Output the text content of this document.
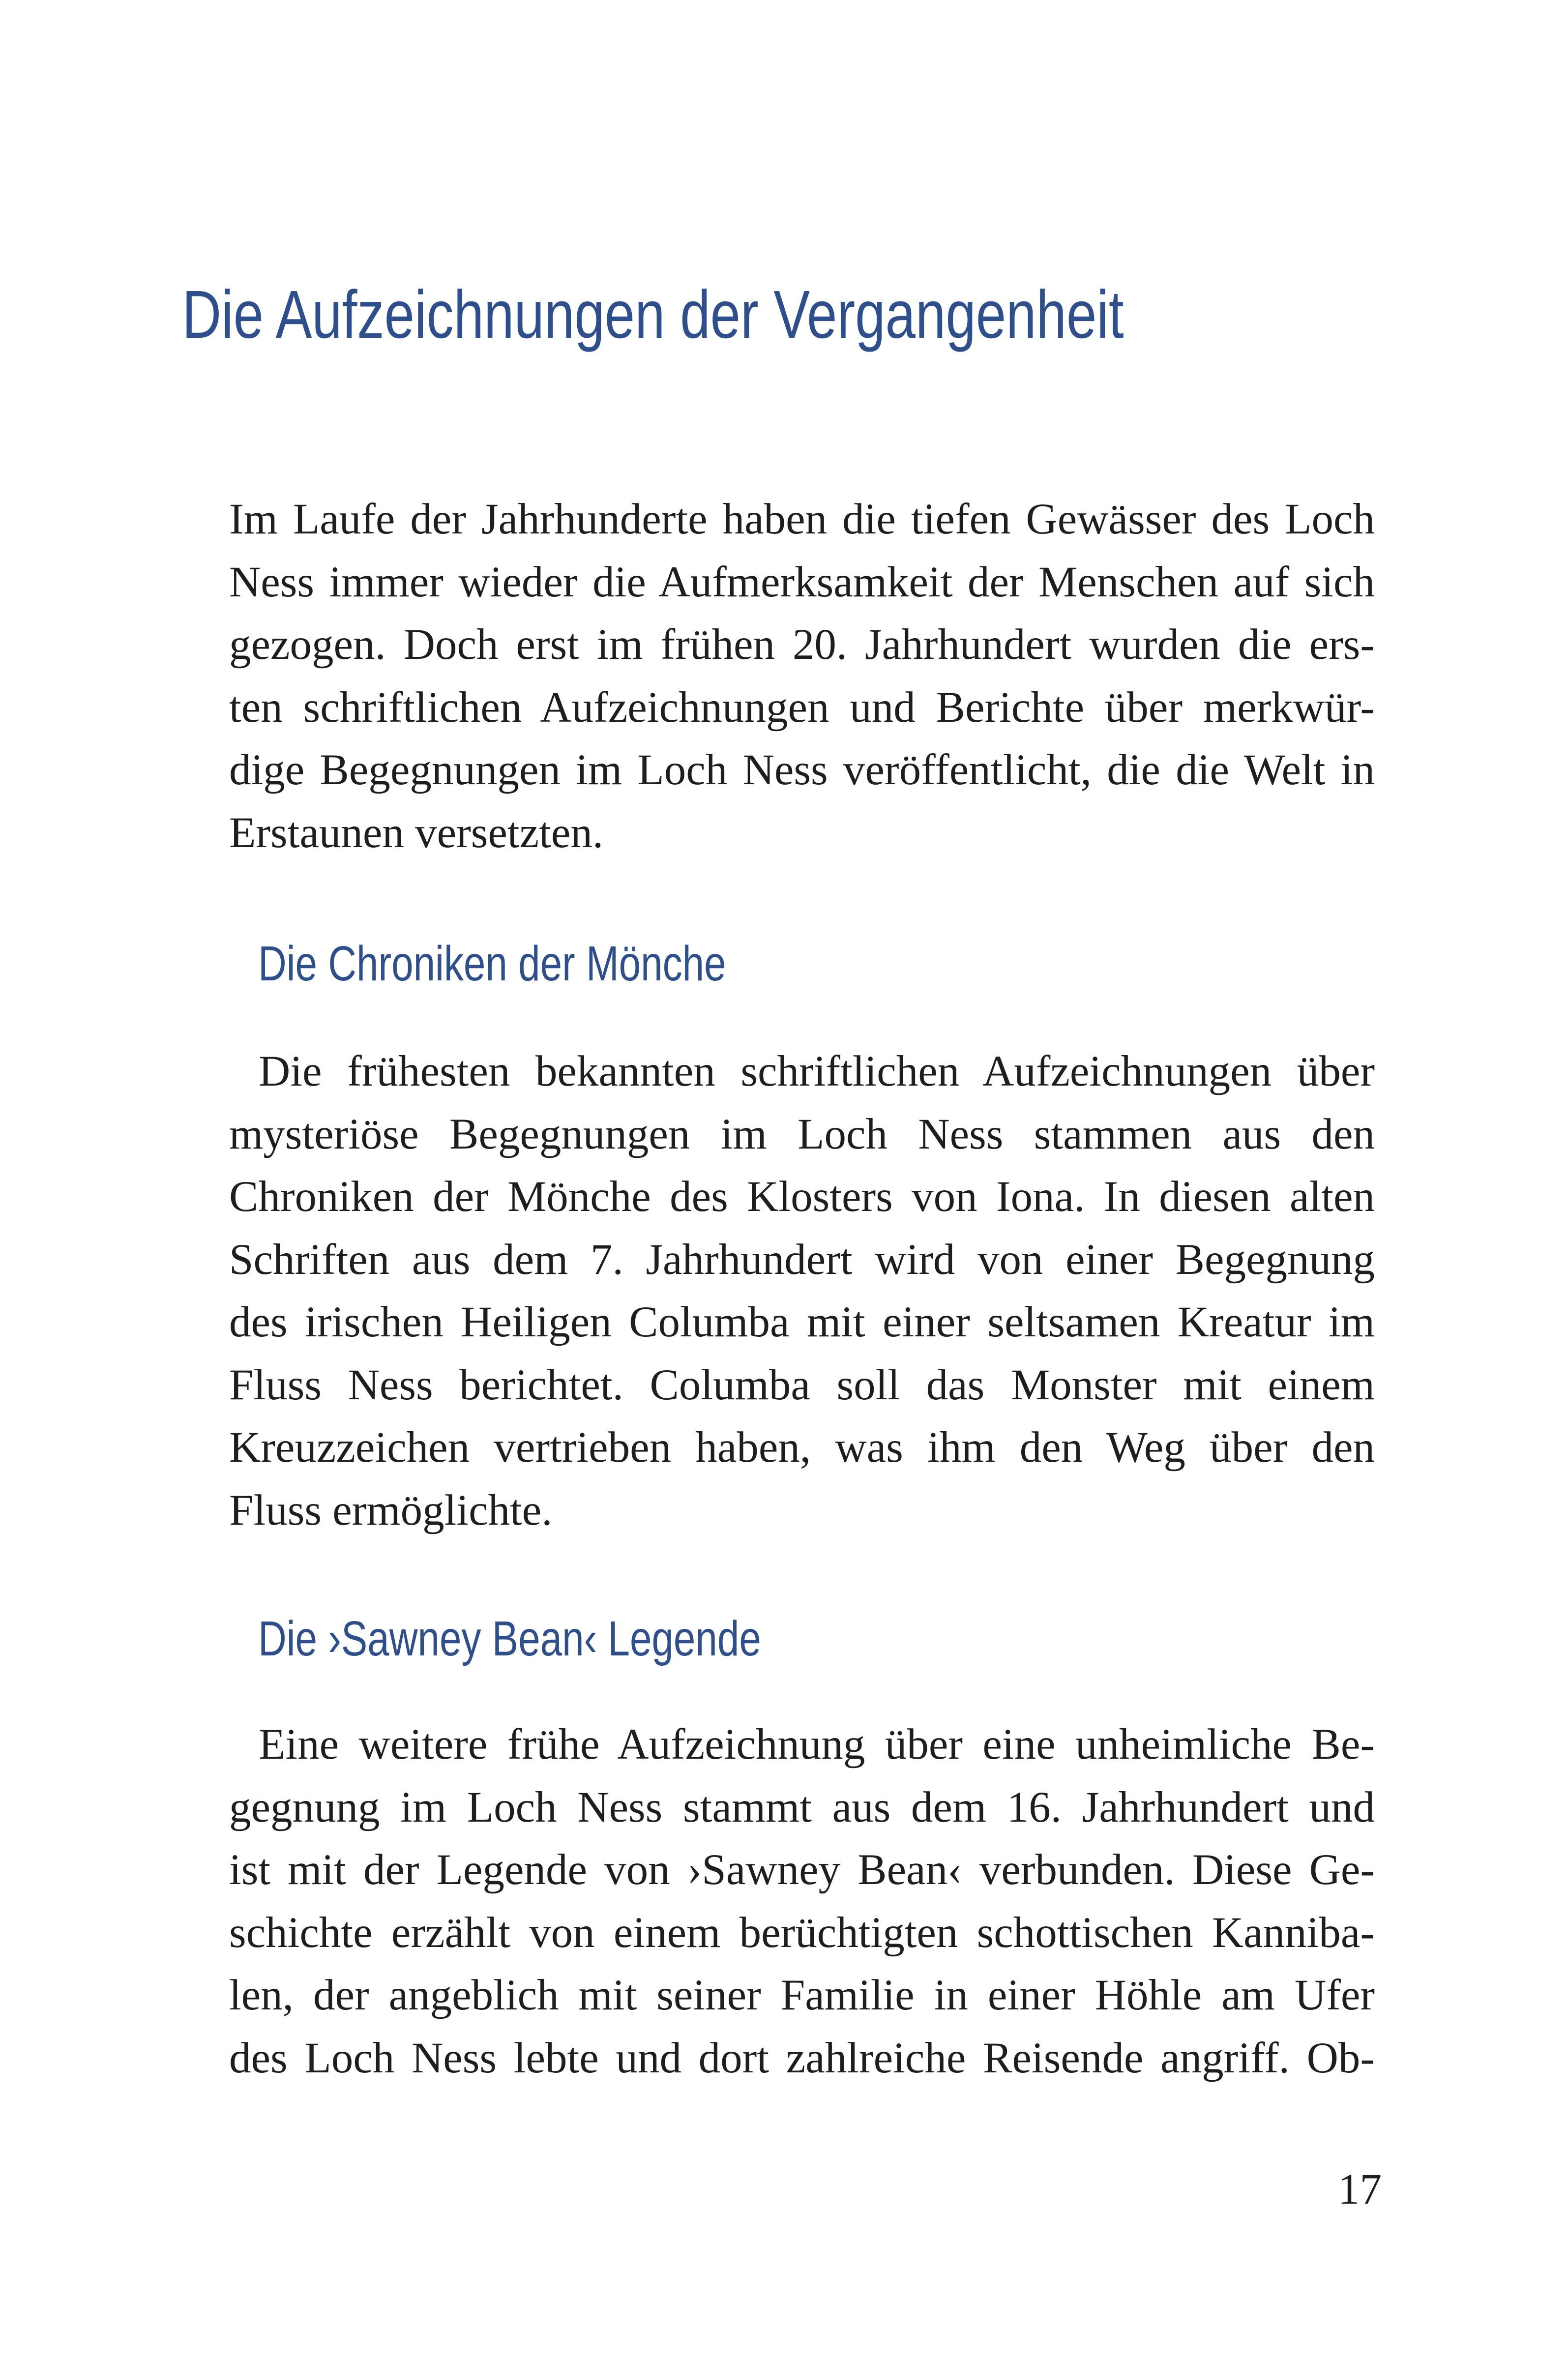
Die Aufzeichnungen der Vergangenheit
Im Laufe der Jahrhunderte haben die tiefen Gewässer des Loch
Ness immer wieder die Aufmerksamkeit der Menschen auf sich
gezogen. Doch erst im frühen 20. Jahrhundert wurden die ers-
ten schriftlichen Aufzeichnungen und Berichte über merkwür-
dige Begegnungen im Loch Ness veröffentlicht, die die Welt in
Erstaunen versetzten.
Die Chroniken der Mönche
Die frühesten bekannten schriftlichen Aufzeichnungen über
mysteriöse Begegnungen im Loch Ness stammen aus den
Chroniken der Mönche des Klosters von Iona. In diesen alten
Schriften aus dem 7. Jahrhundert wird von einer Begegnung
des irischen Heiligen Columba mit einer seltsamen Kreatur im
Fluss Ness berichtet. Columba soll das Monster mit einem
Kreuzzeichen vertrieben haben, was ihm den Weg über den
Fluss ermöglichte.
Die ›Sawney Bean‹ Legende
Eine weitere frühe Aufzeichnung über eine unheimliche Be-
gegnung im Loch Ness stammt aus dem 16. Jahrhundert und
ist mit der Legende von ›Sawney Bean‹ verbunden. Diese Ge-
schichte erzählt von einem berüchtigten schottischen Kanniba-
len, der angeblich mit seiner Familie in einer Höhle am Ufer
des Loch Ness lebte und dort zahlreiche Reisende angriff. Ob-
17
